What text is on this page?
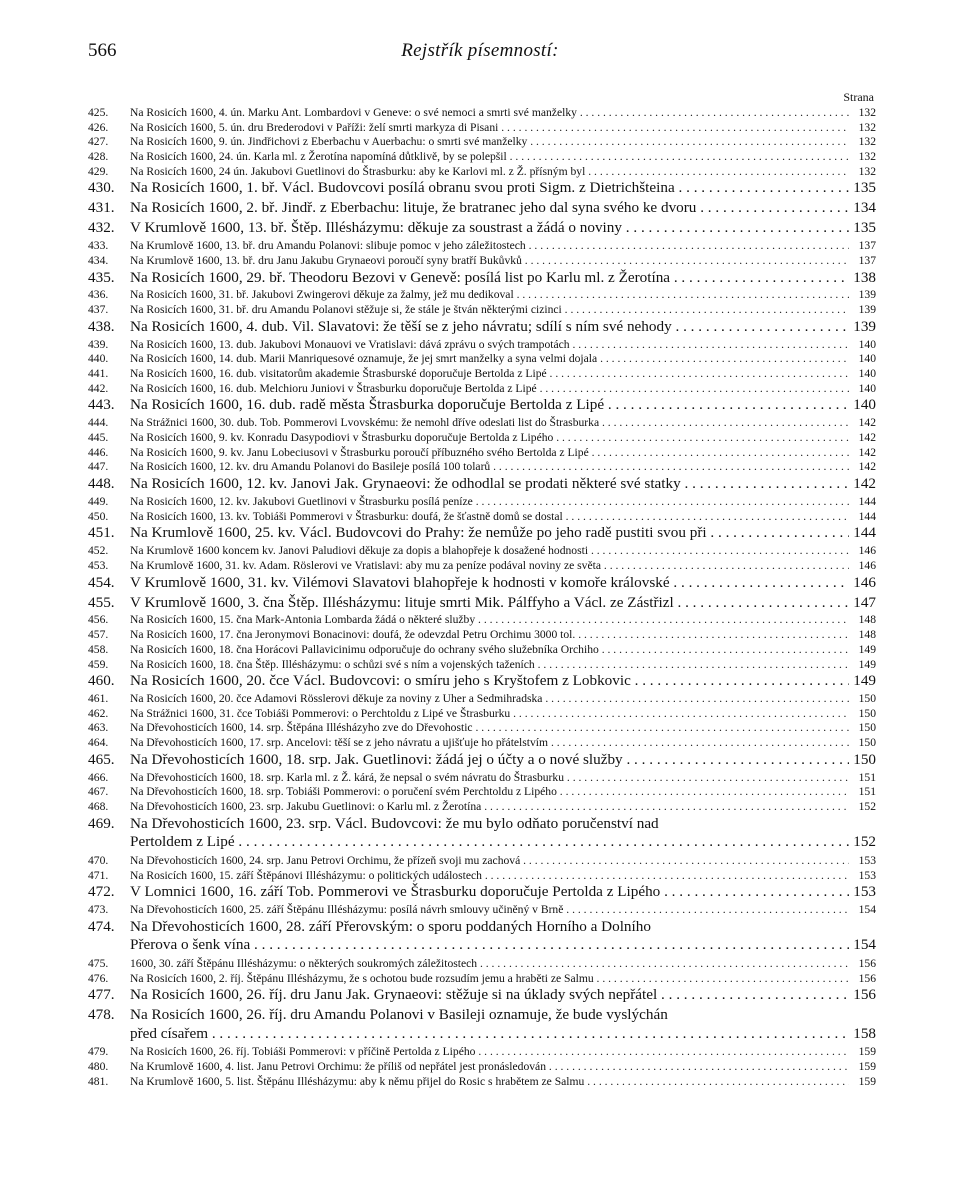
566	Rejstřík písemností:
Strana
425.	Na Rosicích 1600, 4. ún. Marku Ant. Lombardovi v Geneve: o své nemoci a smrti své manželky . . .	132
426.	Na Rosicích 1600, 5. ún. dru Brederodovi v Paříži: želí smrti markyza di Pisani . . .	132
427.	Na Rosicích 1600, 9. ún. Jindřichovi z Eberbachu v Auerbachu: o smrti své manželky . . .	132
428.	Na Rosicích 1600, 24. ún. Karla ml. z Žerotína napomíná důtklivě, by se polepšil . . .	132
429.	Na Rosicích 1600, 24 ún. Jakubovi Guetlinovi do Štrasburku: aby ke Karlovi ml. z Ž. přísným byl . . .	132
430.	Na Rosicích 1600, 1. bř. Václ. Budovcovi posílá obranu svou proti Sigm. z Dietrichšteina . . .	135
431.	Na Rosicích 1600, 2. bř. Jindř. z Eberbachu: lituje, že bratranec jeho dal syna svého ke dvoru . . .	134
432.	V Krumlově 1600, 13. bř. Štěp. Illésházymu: děkuje za soustrast a žádá o noviny . . .	135
433.	Na Krumlově 1600, 13. bř. dru Amandu Polanovi: slibuje pomoc v jeho záležitostech . . .	137
434.	Na Krumlově 1600, 13. bř. dru Janu Jakubu Grynaeovi poroučí syny bratří Bukůvků . . .	137
435.	Na Rosicích 1600, 29. bř. Theodoru Bezovi v Genevě: posílá list po Karlu ml. z Žerotína . . .	138
436.	Na Rosicích 1600, 31. bř. Jakubovi Zwingerovi děkuje za žalmy, jež mu dedikoval . . .	139
437.	Na Rosicích 1600, 31. bř. dru Amandu Polanovi stěžuje si, že stále je štván některými cizinci . . .	139
438.	Na Rosicích 1600, 4. dub. Vil. Slavatovi: že těší se z jeho návratu; sdílí s ním své nehody . . .	139
439.	Na Rosicích 1600, 13. dub. Jakubovi Monauovi ve Vratislavi: dává zprávu o svých trampotách . . .	140
440.	Na Rosicích 1600, 14. dub. Marii Manriquesové oznamuje, že jej smrt manželky a syna velmi dojala . . .	140
441.	Na Rosicích 1600, 16. dub. visitatorům akademie Štrasburské doporučuje Bertolda z Lipé . . .	140
442.	Na Rosicích 1600, 16. dub. Melchioru Juniovi v Štrasburku doporučuje Bertolda z Lipé . . .	140
443.	Na Rosicích 1600, 16. dub. radě města Štrasburka doporučuje Bertolda z Lipé . . .	140
444.	Na Strážnici 1600, 30. dub. Tob. Pommerovi Lvovskému: že nemohl dříve odeslati list do Štrasburka . . .	142
445.	Na Rosicích 1600, 9. kv. Konradu Dasypodiovi v Štrasburku doporučuje Bertolda z Lipého . . .	142
446.	Na Rosicích 1600, 9. kv. Janu Lobeciusovi v Štrasburku poroučí příbuzného svého Bertolda z Lipé . . .	142
447.	Na Rosicích 1600, 12. kv. dru Amandu Polanovi do Basileje posílá 100 tolarů . . .	142
448.	Na Rosicích 1600, 12. kv. Janovi Jak. Grynaeovi: že odhodlal se prodati některé své statky . . .	142
449.	Na Rosicích 1600, 12. kv. Jakubovi Guetlinovi v Štrasburku posílá peníze . . .	144
450.	Na Rosicích 1600, 13. kv. Tobiáši Pommerovi v Štrasburku: doufá, že šťastně domů se dostal . . .	144
451.	Na Krumlově 1600, 25. kv. Václ. Budovcovi do Prahy: že nemůže po jeho radě pustiti svou při . . .	144
452.	Na Krumlově 1600 koncem kv. Janovi Paludiovi děkuje za dopis a blahopřeje k dosažené hodnosti . . .	146
453.	Na Krumlově 1600, 31. kv. Adam. Röslerovi ve Vratislavi: aby mu za peníze podával noviny ze světa . . .	146
454.	V Krumlově 1600, 31. kv. Vilémovi Slavatovi blahopřeje k hodnosti v komoře královské . . .	146
455.	V Krumlově 1600, 3. čna Štěp. Illésházymu: lituje smrti Mik. Pálffyho a Václ. ze Zástřizl . . .	147
456.	Na Rosicích 1600, 15. čna Mark-Antonia Lombarda žádá o některé služby . . .	148
457.	Na Rosicích 1600, 17. čna Jeronymovi Bonacinovi: doufá, že odevzdal Petru Orchimu 3000 tol. . . .	148
458.	Na Rosicích 1600, 18. čna Horácovi Pallavicinimu odporučuje do ochrany svého služebníka Orchiho . . .	149
459.	Na Rosicích 1600, 18. čna Štěp. Illésházymu: o schůzi své s ním a vojenských taženích . . .	149
460.	Na Rosicích 1600, 20. čce Václ. Budovcovi: o smíru jeho s Kryštofem z Lobkovic . . .	149
461.	Na Rosicích 1600, 20. čce Adamovi Rösslerovi děkuje za noviny z Uher a Sedmihradska . . .	150
462.	Na Strážnici 1600, 31. čce Tobiáši Pommerovi: o Perchtoldu z Lipé ve Štrasburku . . .	150
463.	Na Dřevohosticích 1600, 14. srp. Štěpána Illésházyho zve do Dřevohostic . . .	150
464.	Na Dřevohosticích 1600, 17. srp. Ancelovi: těší se z jeho návratu a ujišťuje ho přátelstvím . . .	150
465.	Na Dřevohosticích 1600, 18. srp. Jak. Guetlinovi: žádá jej o účty a o nové služby . . .	150
466.	Na Dřevohosticích 1600, 18. srp. Karla ml. z Ž. kárá, že nepsal o svém návratu do Štrasburku . . .	151
467.	Na Dřevohosticích 1600, 18. srp. Tobiáši Pommerovi: o poručení svém Perchtoldu z Lipého . . .	151
468.	Na Dřevohosticích 1600, 23. srp. Jakubu Guetlinovi: o Karlu ml. z Žerotína . . .	152
469.	Na Dřevohosticích 1600, 23. srp. Václ. Budovcovi: že mu bylo odňato poručenství nad
Pertoldem z Lipé . . .	152
470.	Na Dřevohosticích 1600, 24. srp. Janu Petrovi Orchimu, že přízeň svoji mu zachová . . .	153
471.	Na Rosicích 1600, 15. září Štěpánovi Illésházymu: o politických událostech . . .	153
472.	V Lomnici 1600, 16. září Tob. Pommerovi ve Štrasburku doporučuje Pertolda z Lipého . . .	153
473.	Na Dřevohosticích 1600, 25. září Štěpánu Illésházymu: posílá návrh smlouvy učiněný v Brně . . .	154
474.	Na Dřevohosticích 1600, 28. září Přerovským: o sporu poddaných Horního a Dolního
Přerova o šenk vína . . .	154
475.	1600, 30. září Štěpánu Illésházymu: o některých soukromých záležitostech . . .	156
476.	Na Rosicích 1600, 2. říj. Štěpánu Illésházymu, že s ochotou bude rozsudím jemu a hraběti ze Salmu . . .	156
477.	Na Rosicích 1600, 26. říj. dru Janu Jak. Grynaeovi: stěžuje si na úklady svých nepřátel . . .	156
478.	Na Rosicích 1600, 26. říj. dru Amandu Polanovi v Basileji oznamuje, že bude vyslýchán
před císařem . . .	158
479.	Na Rosicích 1600, 26. říj. Tobiáši Pommerovi: v příčině Pertolda z Lipého . . .	159
480.	Na Krumlově 1600, 4. list. Janu Petrovi Orchimu: že příliš od nepřátel jest pronásledován . . .	159
481.	Na Krumlově 1600, 5. list. Štěpánu Illésházymu: aby k němu přijel do Rosic s hrabětem ze Salmu . . .	159
